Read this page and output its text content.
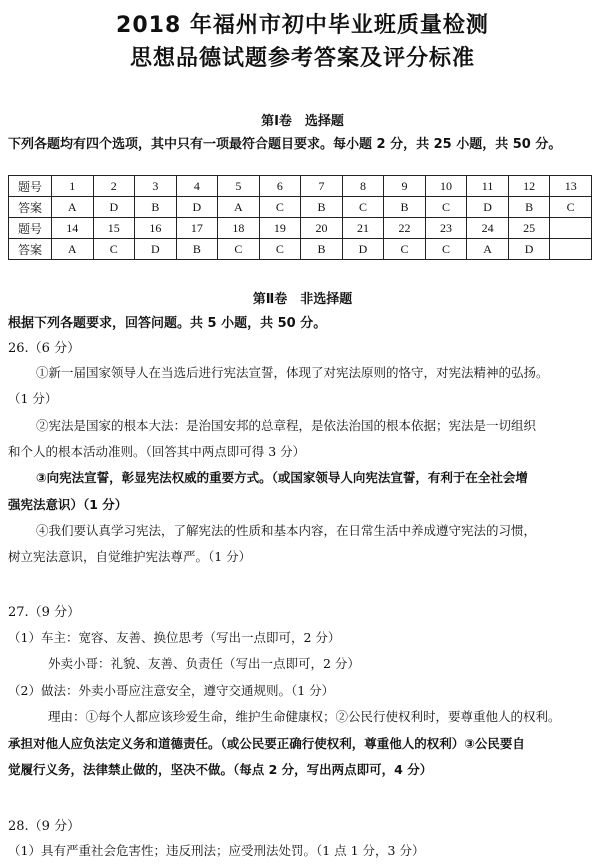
2018 年福州市初中毕业班质量检测
思想品德试题参考答案及评分标准
第Ⅰ卷　选择题
下列各题均有四个选项，其中只有一项最符合题目要求。每小题 2 分，共 25 小题，共 50 分。
题号	1	2	3	4	5	6	7	8	9	10	11	12	13
答案	A	D	B	D	A	C	B	C	B	C	D	B	C
题号	14	15	16	17	18	19	20	21	22	23	24	25	
答案	A	C	D	B	C	C	B	D	C	C	A	D	
第Ⅱ卷　非选择题
根据下列各题要求，回答问题。共 5 小题，共 50 分。
26.（6 分）
①新一届国家领导人在当选后进行宪法宣誓，体现了对宪法原则的恪守，对宪法精神的弘扬。
（1 分）
②宪法是国家的根本大法：是治国安邦的总章程，是依法治国的根本依据；宪法是一切组织
和个人的根本活动准则。（回答其中两点即可得 3 分）
③向宪法宣誓，彰显宪法权威的重要方式。（或国家领导人向宪法宣誓，有利于在全社会增
强宪法意识）（1 分）
④我们要认真学习宪法，了解宪法的性质和基本内容，在日常生活中养成遵守宪法的习惯，
树立宪法意识，自觉维护宪法尊严。（1 分）
27.（9 分）
（1）车主：宽容、友善、换位思考（写出一点即可，2 分）
外卖小哥：礼貌、友善、负责任（写出一点即可，2 分）
（2）做法：外卖小哥应注意安全，遵守交通规则。（1 分）
理由：①每个人都应该珍爱生命，维护生命健康权；②公民行使权利时，要尊重他人的权利。
承担对他人应负法定义务和道德责任。（或公民要正确行使权利，尊重他人的权利）③公民要自
觉履行义务，法律禁止做的，坚决不做。（每点 2 分，写出两点即可，4 分）
28.（9 分）
（1）具有严重社会危害性；违反刑法；应受刑法处罚。（1 点 1 分，3 分）
